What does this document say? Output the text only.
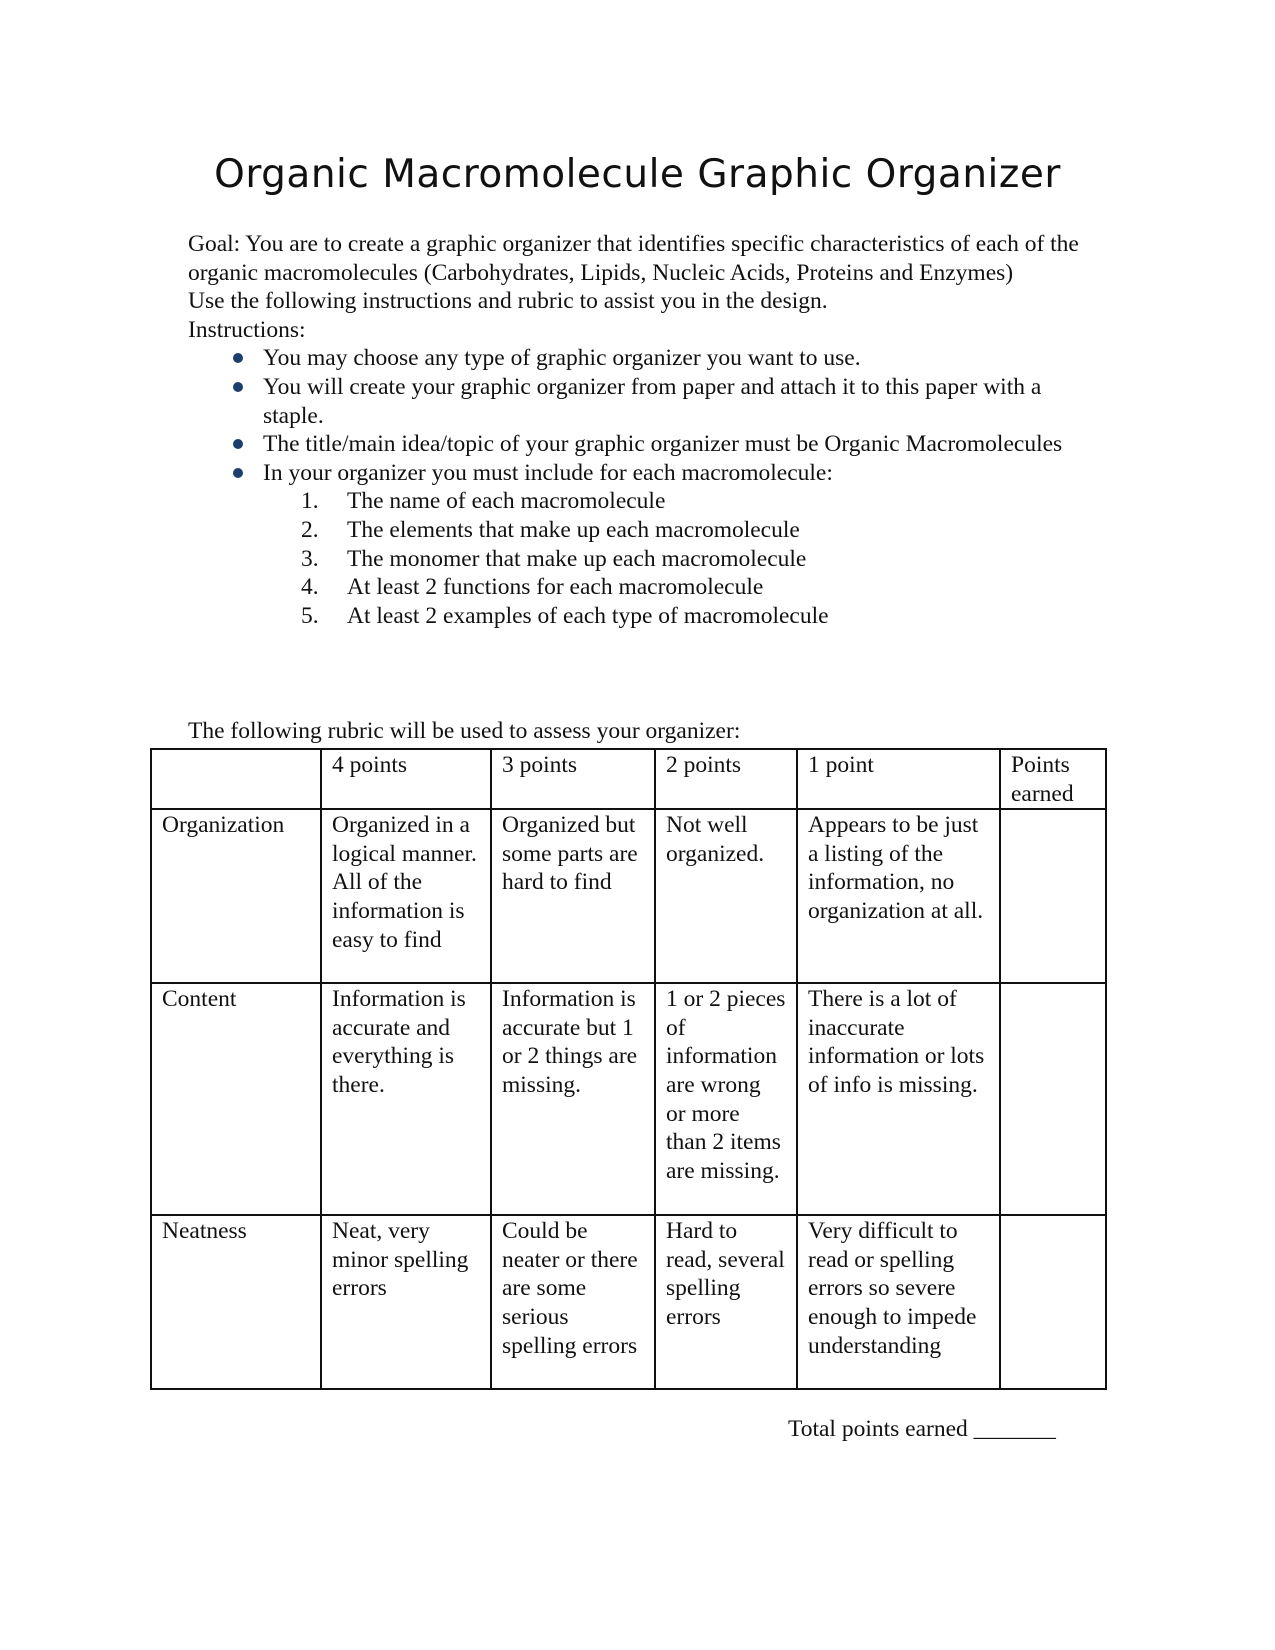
Organic Macromolecule Graphic Organizer

Goal: You are to create a graphic organizer that identifies specific characteristics of each of the organic macromolecules (Carbohydrates, Lipids, Nucleic Acids, Proteins and Enzymes)

Use the following instructions and rubric to assist you in the design.

Instructions:

You may choose any type of graphic organizer you want to use.
You will create your graphic organizer from paper and attach it to this paper with a staple.
The title/main idea/topic of your graphic organizer must be Organic Macromolecules
In your organizer you must include for each macromolecule:
1.	The name of each macromolecule
2.	The elements that make up each macromolecule
3.	The monomer that make up each macromolecule
4.	At least 2 functions for each macromolecule
5.	At least 2 examples of each type of macromolecule

The following rubric will be used to assess your organizer:

	4 points	3 points	2 points	1 point	Points earned
Organization	Organized in a logical manner. All of the information is easy to find	Organized but some parts are hard to find	Not well organized.	Appears to be just a listing of the information, no organization at all.	
Content	Information is accurate and everything is there.	Information is accurate but 1 or 2 things are missing.	1 or 2 pieces of information are wrong or more than 2 items are missing.	There is a lot of inaccurate information or lots of info is missing.	
Neatness	Neat, very minor spelling errors	Could be neater or there are some serious spelling errors	Hard to read, several spelling errors	Very difficult to read or spelling errors so severe enough to impede understanding	

Total points earned _______
